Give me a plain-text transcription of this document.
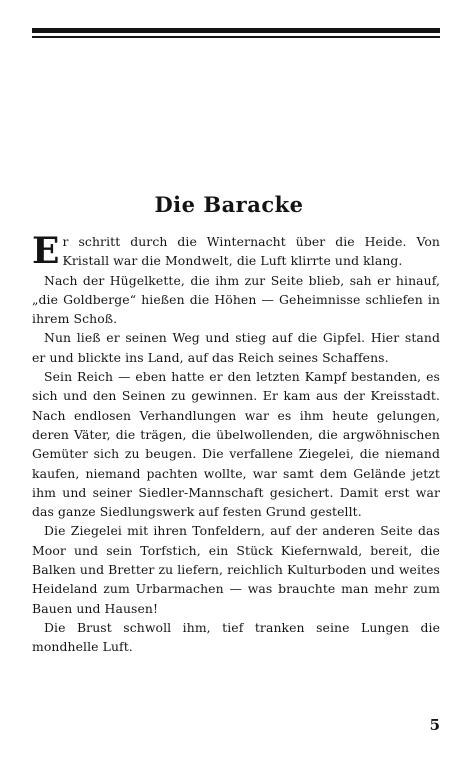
Die Baracke

Er schritt durch die Winternacht über die Heide. Von Kristall war die Mondwelt, die Luft klirrte und klang.

Nach der Hügelkette, die ihm zur Seite blieb, sah er hinauf, „die Goldberge“ hießen die Höhen — Geheimnisse schliefen in ihrem Schoß.

Nun ließ er seinen Weg und stieg auf die Gipfel. Hier stand er und blickte ins Land, auf das Reich seines Schaffens.

Sein Reich — eben hatte er den letzten Kampf bestanden, es sich und den Seinen zu gewinnen. Er kam aus der Kreisstadt. Nach endlosen Verhandlungen war es ihm heute gelungen, deren Väter, die trägen, die übelwollenden, die argwöhnischen Gemüter sich zu beugen. Die verfallene Ziegelei, die niemand kaufen, niemand pachten wollte, war samt dem Gelände jetzt ihm und seiner Siedler-Mannschaft gesichert. Damit erst war das ganze Siedlungswerk auf festen Grund gestellt.

Die Ziegelei mit ihren Tonfeldern, auf der anderen Seite das Moor und sein Torfstich, ein Stück Kiefernwald, bereit, die Balken und Bretter zu liefern, reichlich Kulturboden und weites Heideland zum Urbarmachen — was brauchte man mehr zum Bauen und Hausen!

Die Brust schwoll ihm, tief tranken seine Lungen die mondhelle Luft.

5
